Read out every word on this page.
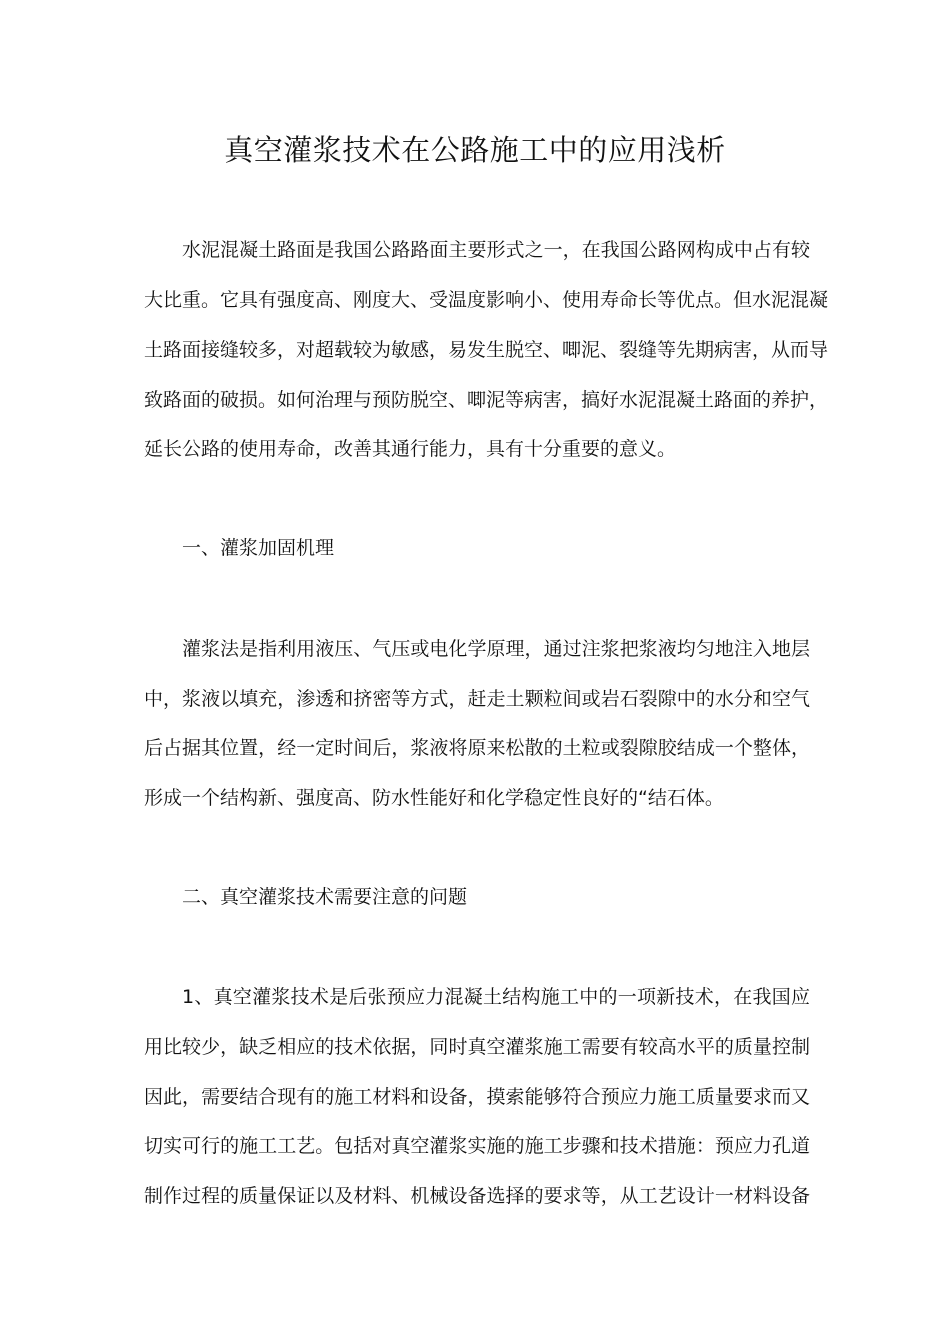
真空灌浆技术在公路施工中的应用浅析

水泥混凝土路面是我国公路路面主要形式之一，在我国公路网构成中占有较

大比重。它具有强度高、刚度大、受温度影响小、使用寿命长等优点。但水泥混凝

土路面接缝较多，对超载较为敏感，易发生脱空、唧泥、裂缝等先期病害，从而导

致路面的破损。如何治理与预防脱空、唧泥等病害，搞好水泥混凝土路面的养护，

延长公路的使用寿命，改善其通行能力，具有十分重要的意义。

一、灌浆加固机理

灌浆法是指利用液压、气压或电化学原理，通过注浆把浆液均匀地注入地层

中，浆液以填充，渗透和挤密等方式，赶走土颗粒间或岩石裂隙中的水分和空气

后占据其位置，经一定时间后，浆液将原来松散的土粒或裂隙胶结成一个整体，

形成一个结构新、强度高、防水性能好和化学稳定性良好的“结石体。

二、真空灌浆技术需要注意的问题

1、真空灌浆技术是后张预应力混凝土结构施工中的一项新技术，在我国应

用比较少，缺乏相应的技术依据，同时真空灌浆施工需要有较高水平的质量控制

因此，需要结合现有的施工材料和设备，摸索能够符合预应力施工质量要求而又

切实可行的施工工艺。包括对真空灌浆实施的施工步骤和技术措施：预应力孔道

制作过程的质量保证以及材料、机械设备选择的要求等，从工艺设计一材料设备
